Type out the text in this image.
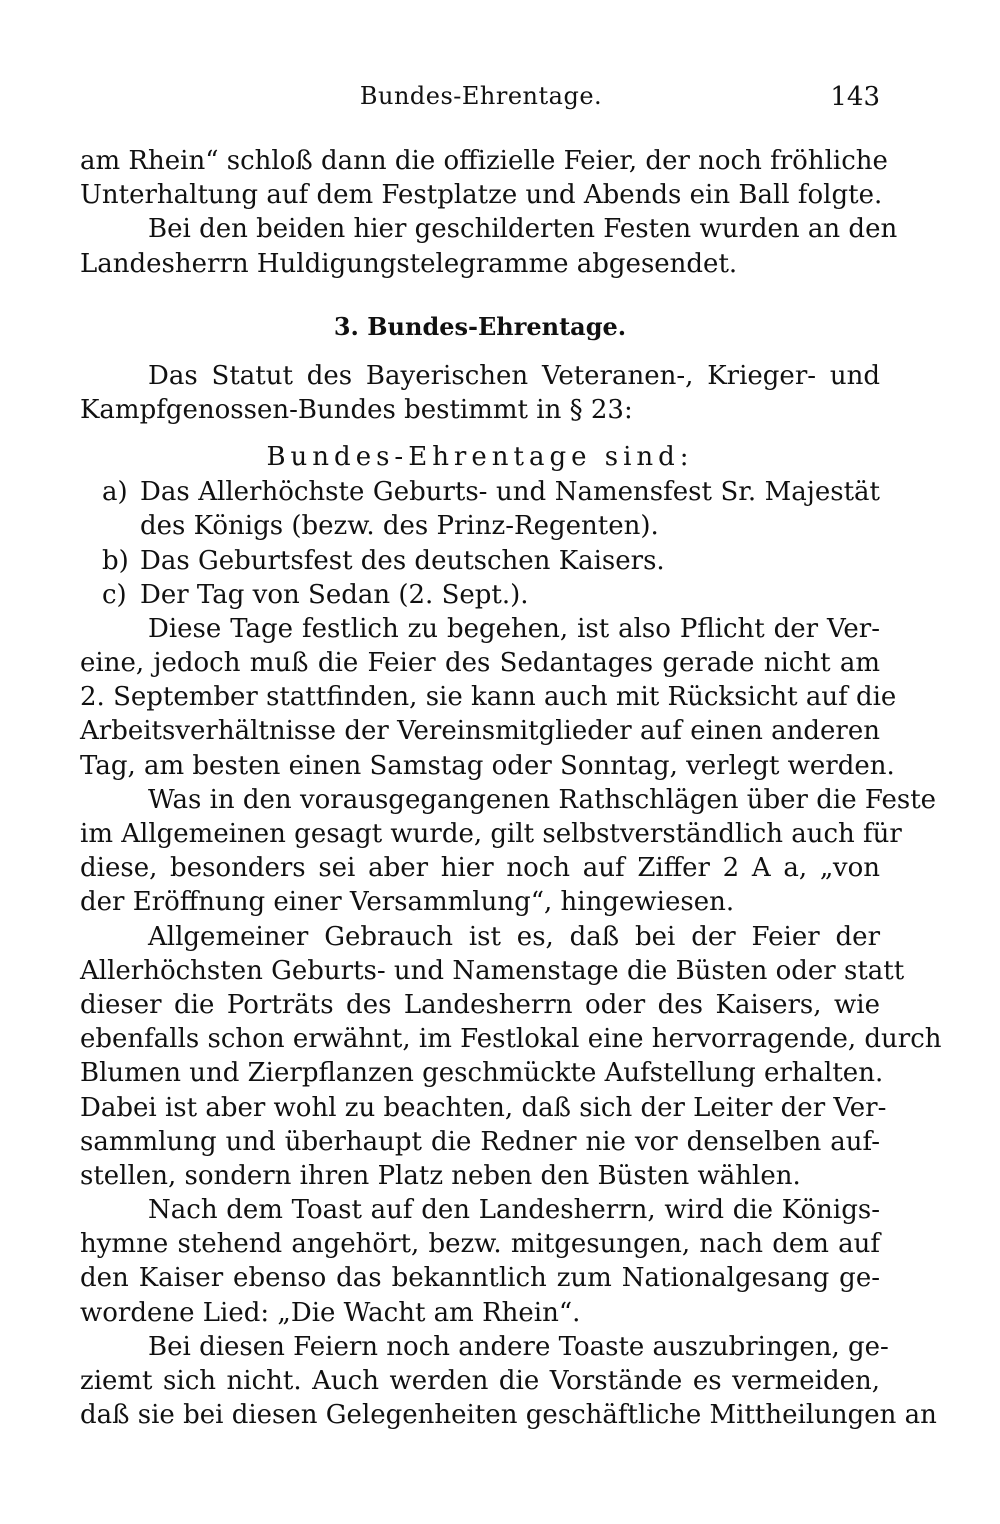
Bundes-Ehrentage.	143
am Rhein“ schloß dann die offizielle Feier, der noch fröhliche
Unterhaltung auf dem Festplatze und Abends ein Ball folgte.
Bei den beiden hier geschilderten Festen wurden an den
Landesherrn Huldigungstelegramme abgesendet.
3. Bundes-Ehrentage.
Das Statut des Bayerischen Veteranen-, Krieger- und
Kampfgenossen-Bundes bestimmt in § 23:
Bundes-Ehrentage sind:
a) Das Allerhöchste Geburts- und Namensfest Sr. Majestät
des Königs (bezw. des Prinz-Regenten).
b) Das Geburtsfest des deutschen Kaisers.
c) Der Tag von Sedan (2. Sept.).
Diese Tage festlich zu begehen, ist also Pflicht der Ver-
eine, jedoch muß die Feier des Sedantages gerade nicht am
2. September stattfinden, sie kann auch mit Rücksicht auf die
Arbeitsverhältnisse der Vereinsmitglieder auf einen anderen
Tag, am besten einen Samstag oder Sonntag, verlegt werden.
Was in den vorausgegangenen Rathschlägen über die Feste
im Allgemeinen gesagt wurde, gilt selbstverständlich auch für
diese, besonders sei aber hier noch auf Ziffer 2 A a, „von
der Eröffnung einer Versammlung“, hingewiesen.
Allgemeiner Gebrauch ist es, daß bei der Feier der
Allerhöchsten Geburts- und Namenstage die Büsten oder statt
dieser die Porträts des Landesherrn oder des Kaisers, wie
ebenfalls schon erwähnt, im Festlokal eine hervorragende, durch
Blumen und Zierpflanzen geschmückte Aufstellung erhalten.
Dabei ist aber wohl zu beachten, daß sich der Leiter der Ver-
sammlung und überhaupt die Redner nie vor denselben auf-
stellen, sondern ihren Platz neben den Büsten wählen.
Nach dem Toast auf den Landesherrn, wird die Königs-
hymne stehend angehört, bezw. mitgesungen, nach dem auf
den Kaiser ebenso das bekanntlich zum Nationalgesang ge-
wordene Lied: „Die Wacht am Rhein“.
Bei diesen Feiern noch andere Toaste auszubringen, ge-
ziemt sich nicht. Auch werden die Vorstände es vermeiden,
daß sie bei diesen Gelegenheiten geschäftliche Mittheilungen an
